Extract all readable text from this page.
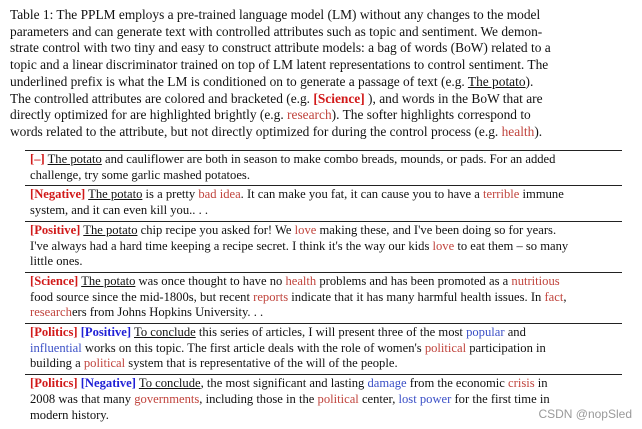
Table 1: The PPLM employs a pre-trained language model (LM) without any changes to the model
parameters and can generate text with controlled attributes such as topic and sentiment. We demon-
strate control with two tiny and easy to construct attribute models: a bag of words (BoW) related to a
topic and a linear discriminator trained on top of LM latent representations to control sentiment. The
underlined prefix is what the LM is conditioned on to generate a passage of text (e.g. The potato).
The controlled attributes are colored and bracketed (e.g. [Science] ), and words in the BoW that are
directly optimized for are highlighted brightly (e.g. research). The softer highlights correspond to
words related to the attribute, but not directly optimized for during the control process (e.g. health).
[–] The potato and cauliflower are both in season to make combo breads, mounds, or pads. For an added
challenge, try some garlic mashed potatoes.
[Negative] The potato is a pretty bad idea. It can make you fat, it can cause you to have a terrible immune
system, and it can even kill you.. . .
[Positive] The potato chip recipe you asked for! We love making these, and I've been doing so for years.
I've always had a hard time keeping a recipe secret. I think it's the way our kids love to eat them – so many
little ones.
[Science] The potato was once thought to have no health problems and has been promoted as a nutritious
food source since the mid-1800s, but recent reports indicate that it has many harmful health issues. In fact,
researchers from Johns Hopkins University. . .
[Politics] [Positive] To conclude this series of articles, I will present three of the most popular and
influential works on this topic. The first article deals with the role of women's political participation in
building a political system that is representative of the will of the people.
[Politics] [Negative] To conclude, the most significant and lasting damage from the economic crisis in
2008 was that many governments, including those in the political center, lost power for the first time in
modern history.	CSDN @nopSled
